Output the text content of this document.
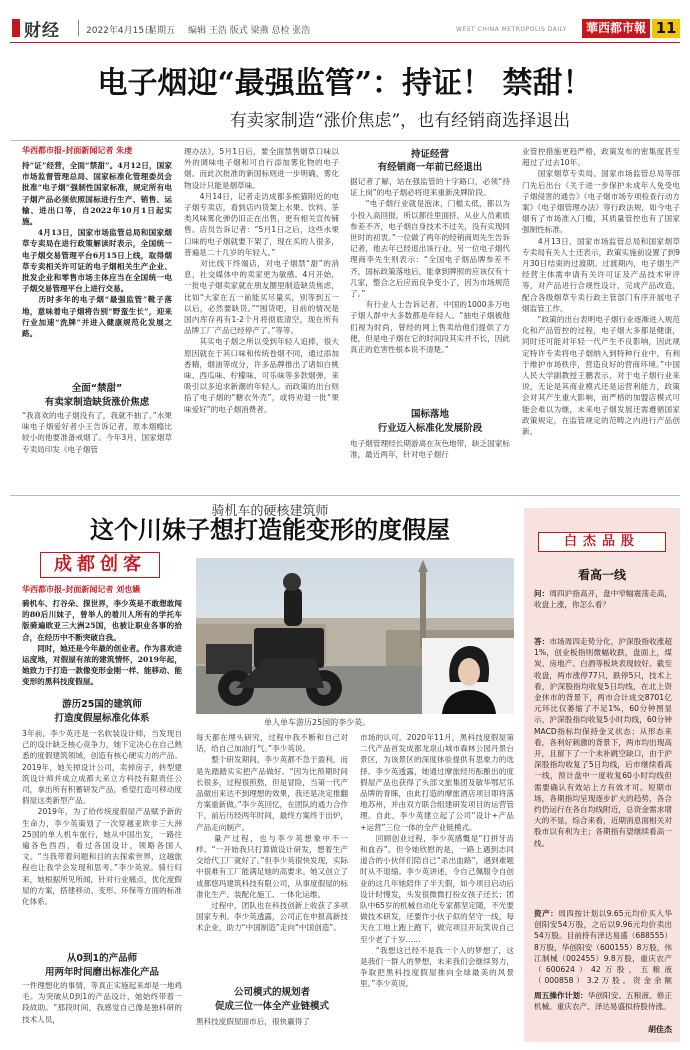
财经	2022年4月15日
星期五 编辑 王浩 版式 梁燕 总检 张浩	WEST CHINA METROPOLIS DAILY	華西都市報 11
电子烟迎“最强监管”：持证！ 禁甜！
有卖家制造“涨价焦虑”，也有经销商选择退出
华西都市报-封面新闻记者 朱虔
持“证”经营，全面“禁甜”。4月12日，国家市场监督管理总局、国家标准化管理委员会批准“电子烟”强制性国家标准，规定所有电子烟产品必须依照国标进行生产、销售、运输、进出口等，自2022年10月1日起实施。
　　4月13日，国家市场监管总局和国家烟草专卖局在进行政策解读时表示，全国统一电子烟交易管理平台6月15日上线，取得烟草专卖相关许可证的电子烟相关生产企业、批发企业和零售市场主体应当在全国统一电子烟交易管理平台上进行交易。
　　历时多年的电子烟“最强监管”靴子落地，意味着电子烟将告别“野蛮生长”，迎来行业加速“洗牌”并进入健康规范化发展之路。
全面“禁甜”
有卖家制造缺货涨价焦虑
“我喜欢的电子烟没有了，我就不抽了。”水果味电子烟爱好者小王告诉记者，原本烟瘾比较小的他要准备戒烟了。今年3月，国家烟草专卖局印发《电子烟管
理办法》，5月1日后，要全面禁售烟草口味以外的调味电子烟和可自行添加雾化物的电子烟。而此次批准的新国标则进一步明确，雾化物设计只能是烟草味。
　　4月14日，记者走访成都多熊猫附近的电子烟专卖店，看到店内货架上水果、饮料、茶类风味雾化弹仍旧正在出售，更有相关宣传铺售。店员告诉记者：“5月1日之后，这些水果口味的电子烟就要下架了，现在买的人很多，普遍是二十几岁的年轻人。”
　　对比线下终端店，对电子烟禁“甜”的消息，社交媒体中的卖家更为敏感。4月开始，一批电子烟卖家就在朋友圈里制造缺货焦虑，比如“大家在五一前能买尽量买，别等到五一以后，必然要缺货。”“囤货吧，目前的情况是国内库存再有1-2个月将彻底清空，现在所有品牌工厂产品已经停产了。”等等。
　　其实电子烟之所以受到年轻人追捧，很大原因就在于其口味和传统卷烟不同，通过添加香精，烟油等成分，许多品牌推出了诸如白桃味、西瓜味、柠檬味、可乐味等多款烟弹，来吸引以多追求新潮的年轻人。而政策的出台则掐了电子烟的“糖衣外壳”，或将劝退一批“果味爱好”的电子烟消费者。
持证经营
有经销商一年前已经退出
据记者了解，站在强监管的十字路口，必须“持证上岗”的电子烟必将迎来重新洗牌阶段。
　　“电子烟行业就是泡沫，门槛太低，都以为小投入高回报，所以都往里面挤，从业人员素质参差不齐，电子烟自身技术不过关，没有实现同世时的初衷。”一位做了两年的经销商周先生告诉记者，他去年已经退出该行业。另一位电子烟代理商李先生则表示：“全国电子烟品牌参差不齐，国标政策落地后，能拿到牌照的应该仅有十几家，整合之后应而良争变小了，因为市场规范了。”
　　有行业人士告诉记者，中国的1000多万电子烟人群中大多数都是年轻人。“抽电子烟被他们视为时尚，曾经的网上售卖给他们提供了方便，但是电子烟在它的时间段其实并不长，因此真正的危害性根本说不清楚。”
国标落地
行业迈入标准化发展阶段
电子烟管理经长期游离在灰色地带，缺乏国家标准，最近两年，针对电子烟行
业管控措施更趋严格，政策发布的密集度甚至超过了过去10年。
　　国家烟草专卖局、国家市场监管总局等部门先后出台《关于进一步保护未成年人免受电子烟侵害的通告》《电子烟市场专项检查行动方案》《电子烟管理办法》等行政法规，如今电子烟有了市场准入门槛，其质量管控也有了国家强制性标准。
　　4月13日，国家市场监管总局和国家烟草专卖局有关人士还表示，政策实施前设置了到9月30日结束的过渡期。过渡期内，电子烟生产经营主体需申请有关许可证及产品技术审评等，对产品进行合规性设计，完成产品改造，配合各级烟草专卖行政主管部门有序开展电子烟监管工作。
　　“政策的出台表明电子烟行业逐渐进入规范化和产品管控的过程，电子烟大多都是健康，同时还可能对年轻一代产生不良影响，因此规定特许专卖将电子烟纳入到特种行业中，有利于维护市场秩序，营造良好的营商环境。”中国人民大学副教授王鹏表示，对于电子烟行业来说，无论是其商业模式还是运营利能力，政策会对其产生重大影响，而严格的加盟店模式可能会难以为继，未来电子烟发展还需遵循国家政策规定，在监管规定的范畴之内进行产品创新。
骑机车的硬核建筑师
这个川妹子想打造能变形的度假屋
成都创客
华西都市报-封面新闻记者 刘也嬿
骑机车、打谷朵、探世界，李少英是不敢想敢闯的80后川妹子，曾举人的着川人所有的学托车版骑遍欧亚三大洲25国，也被让职业各事的拾合，在经历中不断突破自我。
　　同时，她还是今年最的创业者。作为喜欢进运度地，对假屋有浓的建筑情怀，2019年起，她致力于打造一款像变形金刚一样、能移动、能变形的黑科技度假屋。
单人单车游历25国的李少英。
游历25国的建筑师
打造度假屋标准化体系
3年前，李少英还是一名软装设计师，当发现自己的设计缺乏核心竞争力，她下定决心在自己熟悉的度假建筑领域，创造有核心硬实力的产品。2019年，她关掉设计公司，卖掉房子，转型建筑设计师并成立成都大来立方科技有限责任公司，拿出所有积蓄研发产品，希望打造可移动度假屋这类新型产品。
　　2019年，为了给传统度假屋产品赋予新的生命力，李少英策划了一次穿越亚欧非三大洲25国的单人机车旅行，她从中国出发，一路往遍各色西西，看过各国设计，领略各国人文。“当我带着问题和目的去探索世界，这越旅程也让我学会发现和思考。”李少英说。骑行归来，她根据所见所闻，针对行业痛点，优化度假屋的方案，搭建移动、变形、环保等方面的标准化体系。
从0到1的产品师
用两年时间磨出标准化产品
一件理想化的事情，等真正实施起来却是一地鸡毛。为突破从0到1的产品设计，她始终带着一段故助。“那段时间，我感觉自己像是独科研的技术人员，
每天都在埋头研究，过程中我不断和自己对话，给自己加油打气。”李少英说。
　　整个研发期间，李少英都不急于盈利，而是先踏踏实实把产品做好。“因为比预期时间长很多，过程很煎熬，但是冒险，当第一代产品做出来达不到理想的效果，我还是决定推翻方案重新做。”李少英回忆，在团队的通力合作下，前后历经两年时间，最终方案终于出炉，产品走向制产。
　　量产过程，也与李少英想象中不一样。“一开始我只打算做设计研发，想着生产交给代工厂就好了。”但李少英很快发现，实际中很难有工厂能满足她的高要求。她又创立了成都悠玛建筑科技有限公司，从事度假屋的标准化生产、装配化施工、一体化运维。
　　过程中，团队也在科技创新上收获了多项国家专利。李少英透露，公司正在申报高新技术企业，助力“中国制造”走向“中国创造”。
公司模式的规划者
促成三位一体全产业链模式
黑科技度假屋面市后，很快赢得了
市场的认可。2020年11月，黑科技度假屋第二代产品首发成都龙泉山城市森林公园丹景台景区，为该景区的深度体验提供有思象力的选择。李少英透露，她通过摩旅经历酝酿出的度假屋产品也获得了头部文旅集团及敏华鄂尼乐品牌的青睐，由此打造的摩旅酒店项目即将落地苏州，并由双方联合组建研发项目的运营管理。自此，李少英建立起了公司“设计+产品+运营”三位一体的全产业链模式。
　　回顾创业过程，李少英感慨是“打拼牙齿和血吞”。但令她欣慰的是，一路上遇到志同道合的小伙伴们陪自己“杀出血路”，遇到难题时从不退缩。李少英讲述，令自己佩服令自创业的这几年她陪伴了半天假，如今项目启动后设计时慢发，头发很微微打扮女孩子还长；团队中65岁的机械自动化专家都坚定随，不光要做技术研发，还要作小伙子似的坚守一线，每天在工地上跑上跑下，做完项目开玩笑说自己至少老了十岁……
　　“我想这已经不是我一个人的梦想了，这是我们一群人的梦想，未来我们会继续努力，争取把黑科技度假屋推向全球最美的风景里。”李少英说。
白杰品股
看高一线
问：周四沪指高开，盘中窄幅震荡走高，收盘上涨，你怎么看？
答：市场周四走势分化，沪深股指收涨超1%，创业板指则微幅收跌，盘面上，煤炭、房地产、白酒等板块表现较好。截至收盘，两市涨停77只，跌停5只，技术上看，沪深股指均收复5日均线，在北上资金休市的背景下，两市合计成交8701亿元环比仅萎缩了不足1%，60分钟图显示，沪深股指均收复5小时均线，60分钟MACD指标均保持金叉状态；从形态来看，各利好刺激的背景下，两市均出现高开，且留下了一个未补跳空缺口，由于沪深股指均收复了5日均线，后市继续看高一线，预计盘中一度收复60小时均线但需要确认有效站上方有效才可。短期市场，各期指均呈现逐步扩大的趋势，各合约仍运行在各自均线附近，总资金需求增大的不显，综合来看，近期消息面相关对股市以有利为主；各期指有望继续看高一线。
资产：周四按计划以9.65元均价买入华创阳安54万股，之后以9.96元均价卖出54万股。目前持有泽达易盛（688555）8万股，华创阳安（600155）8万股，伟江制械（002455）9.8万股，重庆农产（600624）42万股，五粮液（000858）3.2万股。资金余额
周五操作计划：华创阳安、五粮液、修正机械、重庆农产、泽达易盛拟持股待涨。
胡佳杰
